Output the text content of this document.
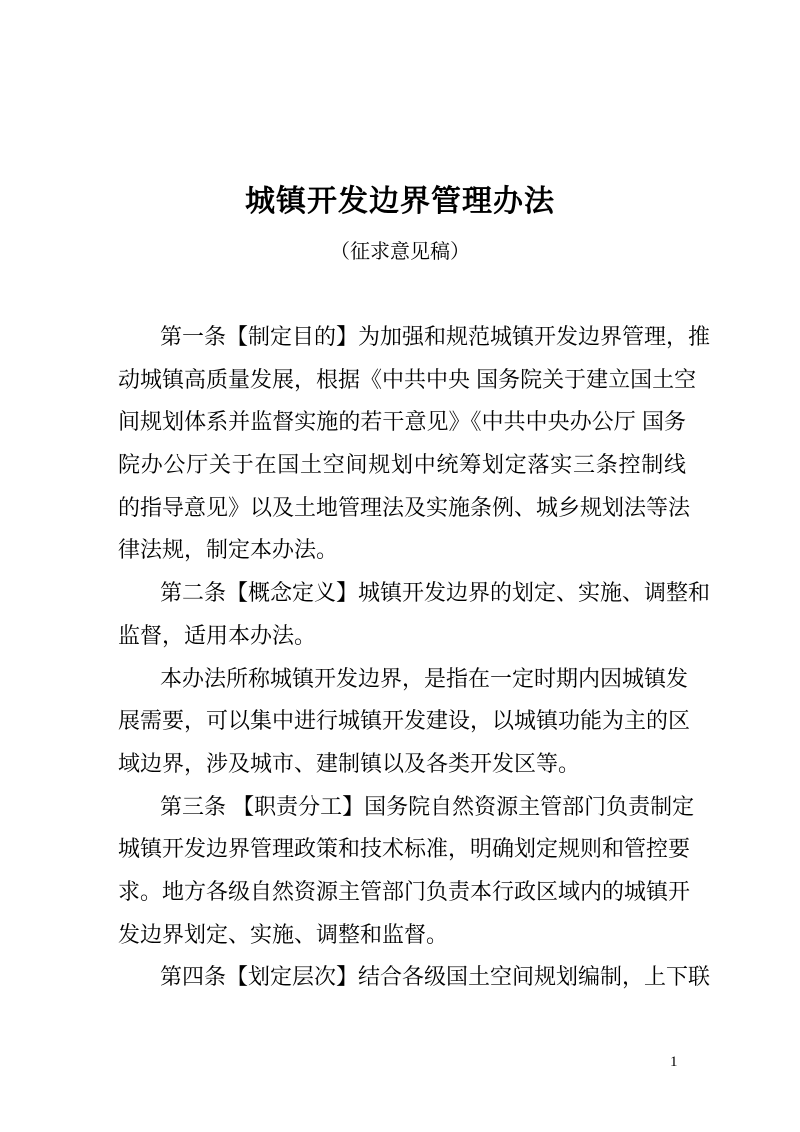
城镇开发边界管理办法
（征求意见稿）
第一条【制定目的】为加强和规范城镇开发边界管理，推
动城镇高质量发展，根据《中共中央 国务院关于建立国土空
间规划体系并监督实施的若干意见》《中共中央办公厅 国务
院办公厅关于在国土空间规划中统筹划定落实三条控制线
的指导意见》以及土地管理法及实施条例、城乡规划法等法
律法规，制定本办法。
第二条【概念定义】城镇开发边界的划定、实施、调整和
监督，适用本办法。
本办法所称城镇开发边界，是指在一定时期内因城镇发
展需要，可以集中进行城镇开发建设，以城镇功能为主的区
域边界，涉及城市、建制镇以及各类开发区等。
第三条 【职责分工】国务院自然资源主管部门负责制定
城镇开发边界管理政策和技术标准，明确划定规则和管控要
求。地方各级自然资源主管部门负责本行政区域内的城镇开
发边界划定、实施、调整和监督。
第四条【划定层次】结合各级国土空间规划编制，上下联
1
